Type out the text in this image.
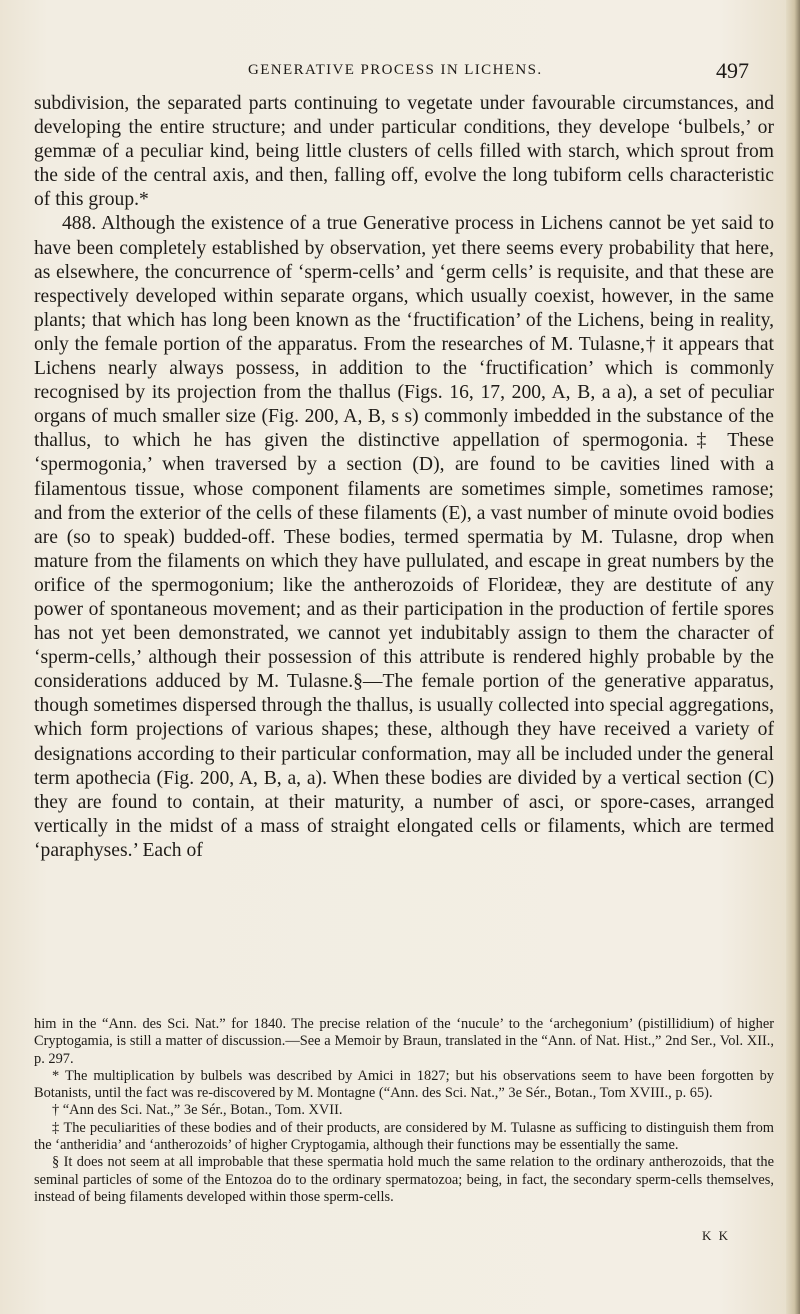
GENERATIVE PROCESS IN LICHENS.	497

subdivision, the separated parts continuing to vegetate under favourable circumstances, and developing the entire structure; and under particular conditions, they develope ‘bulbels,’ or gemmæ of a peculiar kind, being little clusters of cells filled with starch, which sprout from the side of the central axis, and then, falling off, evolve the long tubiform cells characteristic of this group.*

488. Although the existence of a true Generative process in Lichens cannot be yet said to have been completely established by observation, yet there seems every probability that here, as elsewhere, the concurrence of ‘sperm-cells’ and ‘germ cells’ is requisite, and that these are respectively developed within separate organs, which usually coexist, however, in the same plants; that which has long been known as the ‘fructification’ of the Lichens, being in reality, only the female portion of the apparatus. From the researches of M. Tulasne,† it appears that Lichens nearly always possess, in addition to the ‘fructification’ which is commonly recognised by its projection from the thallus (Figs. 16, 17, 200, A, B, a a), a set of peculiar organs of much smaller size (Fig. 200, A, B, s s) commonly imbedded in the substance of the thallus, to which he has given the distinctive appellation of spermogonia.‡ These ‘spermogonia,’ when traversed by a section (D), are found to be cavities lined with a filamentous tissue, whose component filaments are sometimes simple, sometimes ramose; and from the exterior of the cells of these filaments (E), a vast number of minute ovoid bodies are (so to speak) budded-off. These bodies, termed spermatia by M. Tulasne, drop when mature from the filaments on which they have pullulated, and escape in great numbers by the orifice of the spermogonium; like the antherozoids of Florideæ, they are destitute of any power of spontaneous movement; and as their participation in the production of fertile spores has not yet been demonstrated, we cannot yet indubitably assign to them the character of ‘sperm-cells,’ although their possession of this attribute is rendered highly probable by the considerations adduced by M. Tulasne.§—The female portion of the generative apparatus, though sometimes dispersed through the thallus, is usually collected into special aggregations, which form projections of various shapes; these, although they have received a variety of designations according to their particular conformation, may all be included under the general term apothecia (Fig. 200, A, B, a, a). When these bodies are divided by a vertical section (C) they are found to contain, at their maturity, a number of asci, or spore-cases, arranged vertically in the midst of a mass of straight elongated cells or filaments, which are termed ‘paraphyses.’ Each of

him in the “Ann. des Sci. Nat.” for 1840. The precise relation of the ‘nucule’ to the ‘archegonium’ (pistillidium) of higher Cryptogamia, is still a matter of discussion.—See a Memoir by Braun, translated in the “Ann. of Nat. Hist.,” 2nd Ser., Vol. XII., p. 297.

* The multiplication by bulbels was described by Amici in 1827; but his observations seem to have been forgotten by Botanists, until the fact was re-discovered by M. Montagne (“Ann. des Sci. Nat.,” 3e Sér., Botan., Tom XVIII., p. 65).

† “Ann des Sci. Nat.,” 3e Sér., Botan., Tom. XVII.

‡ The peculiarities of these bodies and of their products, are considered by M. Tulasne as sufficing to distinguish them from the ‘antheridia’ and ‘antherozoids’ of higher Cryptogamia, although their functions may be essentially the same.

§ It does not seem at all improbable that these spermatia hold much the same relation to the ordinary antherozoids, that the seminal particles of some of the Entozoa do to the ordinary spermatozoa; being, in fact, the secondary sperm-cells themselves, instead of being filaments developed within those sperm-cells.

K K
